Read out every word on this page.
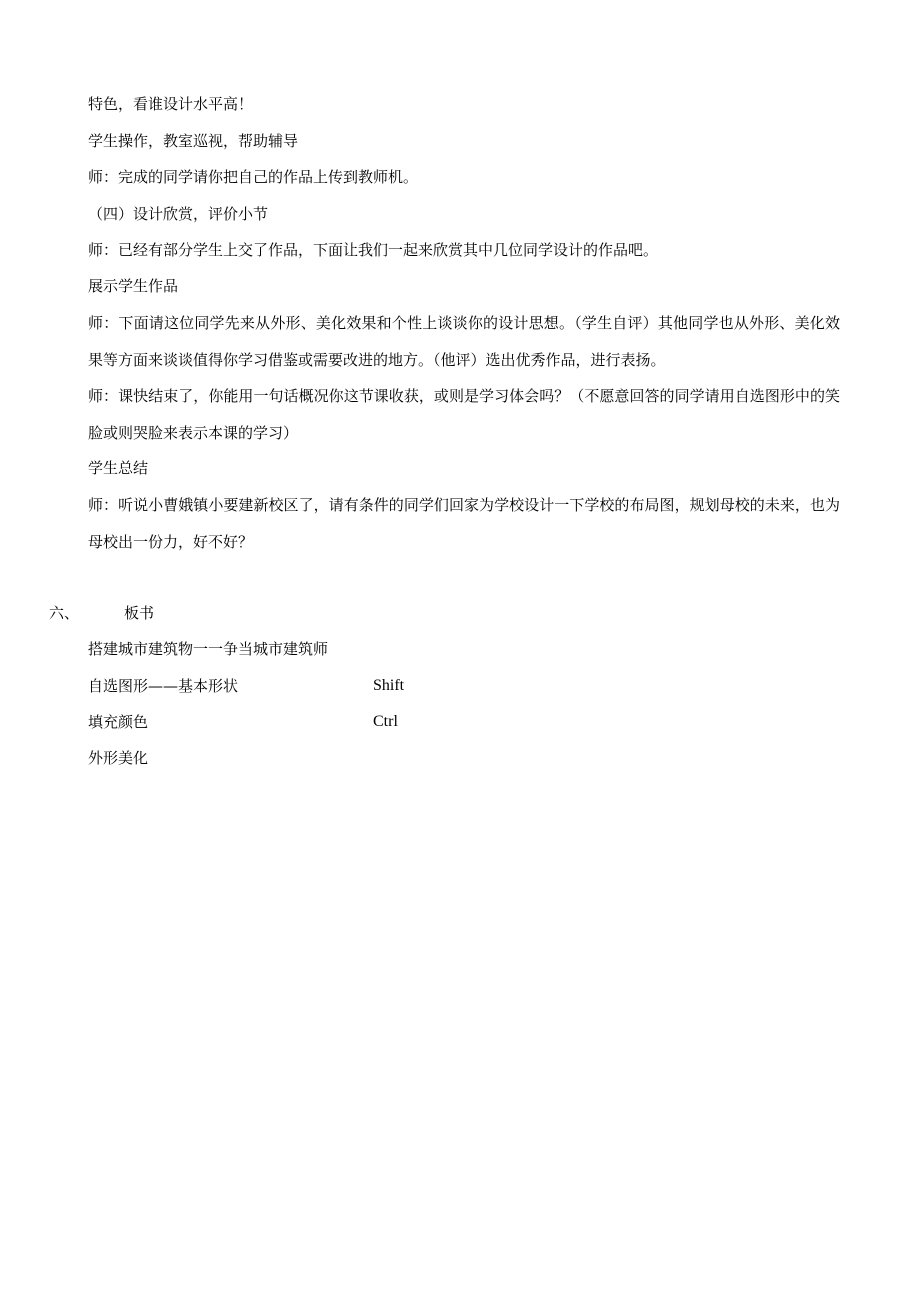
特色，看谁设计水平高！
学生操作，教室巡视，帮助辅导
师：完成的同学请你把自己的作品上传到教师机。
（四）设计欣赏，评价小节
师：已经有部分学生上交了作品，下面让我们一起来欣赏其中几位同学设计的作品吧。
展示学生作品
师：下面请这位同学先来从外形、美化效果和个性上谈谈你的设计思想。（学生自评）其他同学也从外形、美化效果等方面来谈谈值得你学习借鉴或需要改进的地方。（他评）选出优秀作品，进行表扬。
师：课快结束了，你能用一句话概况你这节课收获，或则是学习体会吗？（不愿意回答的同学请用自选图形中的笑脸或则哭脸来表示本课的学习）
学生总结
师：听说小曹娥镇小要建新校区了，请有条件的同学们回家为学校设计一下学校的布局图，规划母校的未来，也为母校出一份力，好不好？
六、	板书
搭建城市建筑物一一争当城市建筑师
自选图形——基本形状	Shift
填充颜色	Ctrl
外形美化
